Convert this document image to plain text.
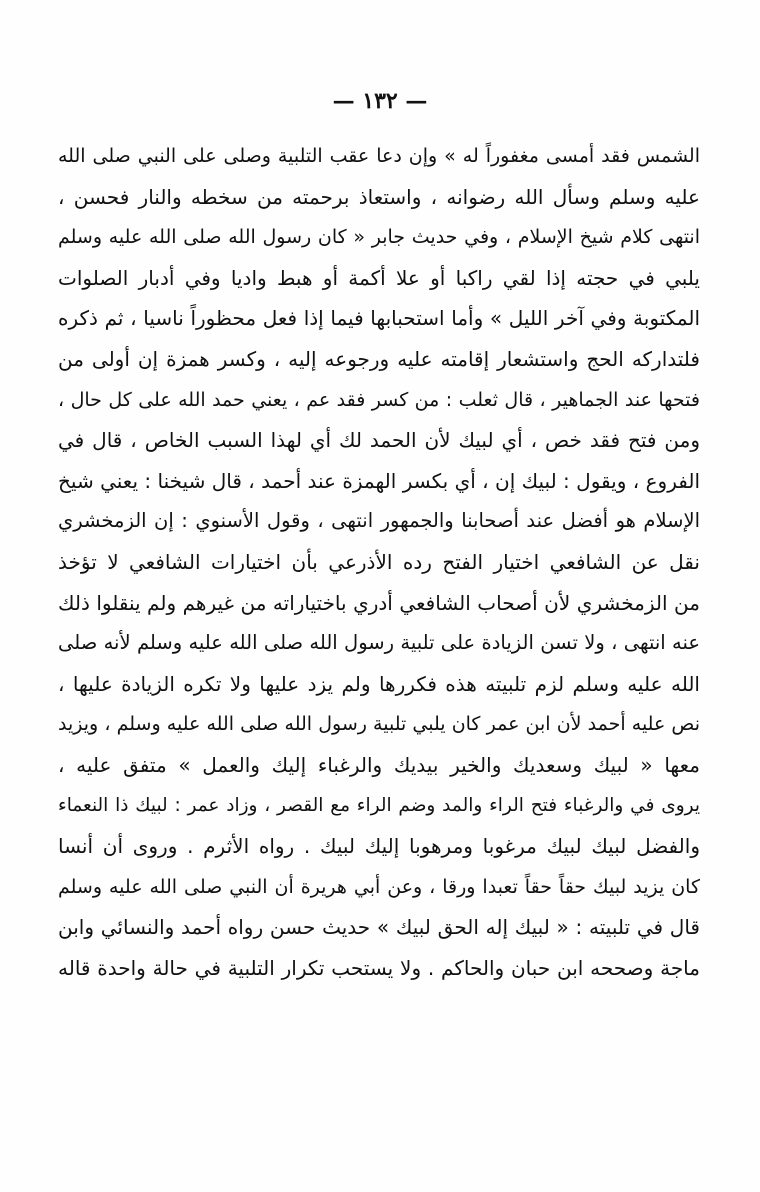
— ١٣٢ —
الشمس فقد أمسى مغفوراً له » وإن دعا عقب التلبية وصلى على النبي صلى الله
عليه وسلم وسأل الله رضوانه ، واستعاذ برحمته من سخطه والنار فحسن ،
انتهى كلام شيخ الإسلام ، وفي حديث جابر « كان رسول الله صلى الله عليه وسلم
يلبي في حجته إذا لقي راكبا أو علا أكمة أو هبط واديا وفي أدبار الصلوات
المكتوبة وفي آخر الليل » وأما استحبابها فيما إذا فعل محظوراً ناسيا ، ثم ذكره
فلتداركه الحج واستشعار إقامته عليه ورجوعه إليه ، وكسر همزة إن أولى من
فتحها عند الجماهير ، قال ثعلب : من كسر فقد عم ، يعني حمد الله على كل حال ،
ومن فتح فقد خص ، أي لبيك لأن الحمد لك أي لهذا السبب الخاص ، قال في
الفروع ، ويقول : لبيك إن ، أي بكسر الهمزة عند أحمد ، قال شيخنا : يعني شيخ
الإسلام هو أفضل عند أصحابنا والجمهور انتهى ، وقول الأسنوي : إن الزمخشري
نقل عن الشافعي اختيار الفتح رده الأذرعي بأن اختيارات الشافعي لا تؤخذ
من الزمخشري لأن أصحاب الشافعي أدري باختياراته من غيرهم ولم ينقلوا ذلك
عنه انتهى ، ولا تسن الزيادة على تلبية رسول الله صلى الله عليه وسلم لأنه صلى
الله عليه وسلم لزم تلبيته هذه فكررها ولم يزد عليها ولا تكره الزيادة عليها ،
نص عليه أحمد لأن ابن عمر كان يلبي تلبية رسول الله صلى الله عليه وسلم ، ويزيد
معها « لبيك وسعديك والخير بيديك والرغباء إليك والعمل » متفق عليه ،
يروى في والرغباء فتح الراء والمد وضم الراء مع القصر ، وزاد عمر : لبيك ذا النعماء
والفضل لبيك لبيك مرغوبا ومرهوبا إليك لبيك . رواه الأثرم . وروى أن أنسا
كان يزيد لبيك حقاً حقاً تعبدا ورقا ، وعن أبي هريرة أن النبي صلى الله عليه وسلم
قال في تلبيته : « لبيك إله الحق لبيك » حديث حسن رواه أحمد والنسائي وابن
ماجة وصححه ابن حبان والحاكم . ولا يستحب تكرار التلبية في حالة واحدة قاله
